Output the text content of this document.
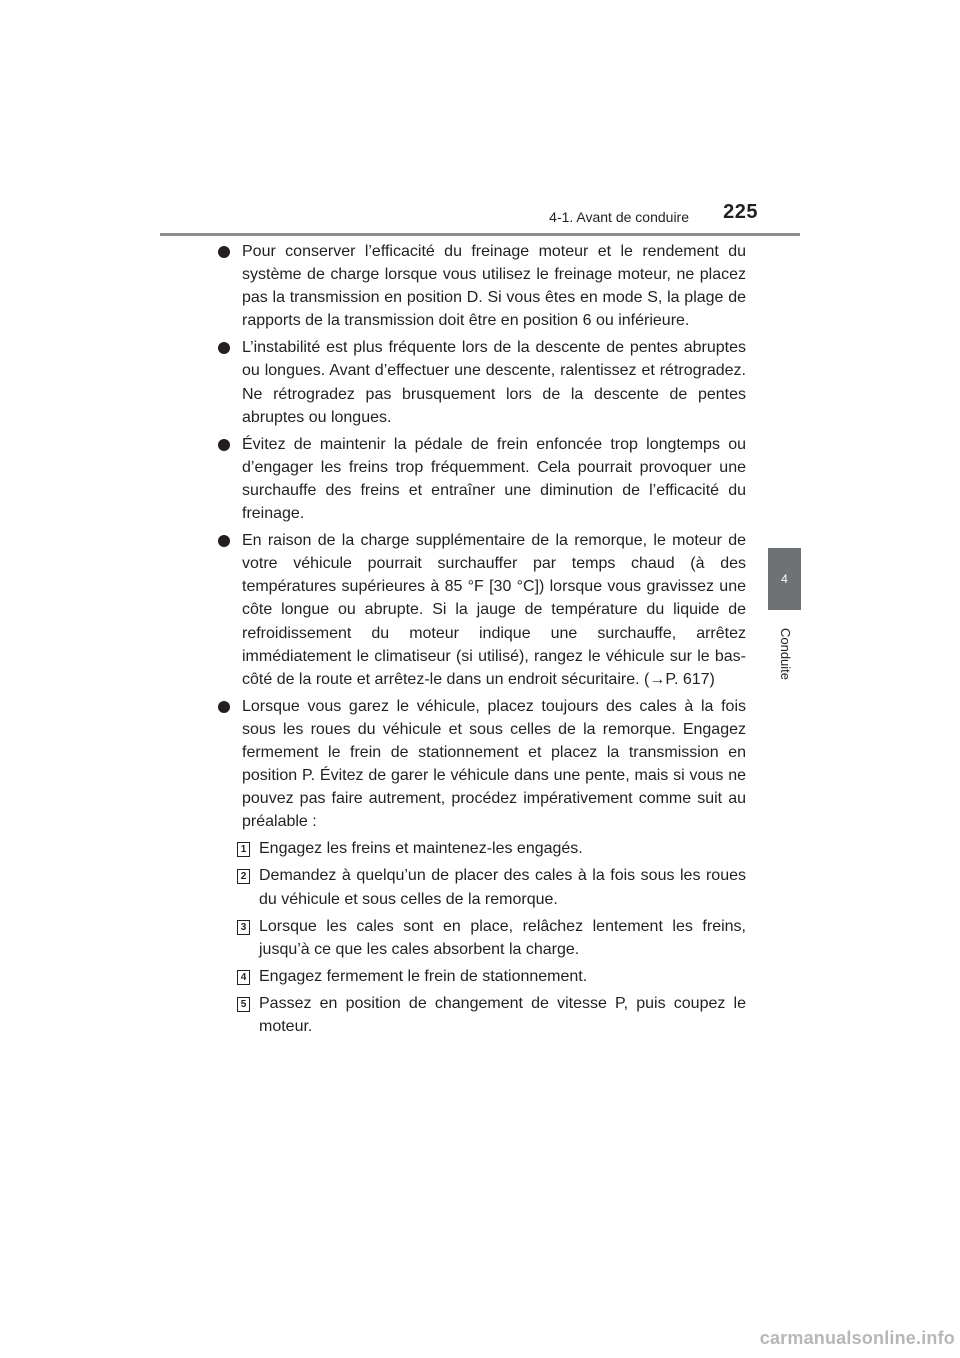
4-1. Avant de conduire	225
4
Conduite
Pour conserver l’efficacité du freinage moteur et le rendement du système de charge lorsque vous utilisez le freinage moteur, ne placez pas la transmission en position D. Si vous êtes en mode S, la plage de rapports de la transmission doit être en position 6 ou inférieure.
L’instabilité est plus fréquente lors de la descente de pentes abruptes ou longues. Avant d’effectuer une descente, ralentissez et rétrogradez. Ne rétrogradez pas brusquement lors de la descente de pentes abruptes ou longues.
Évitez de maintenir la pédale de frein enfoncée trop longtemps ou d’engager les freins trop fréquemment. Cela pourrait provoquer une surchauffe des freins et entraîner une diminution de l’efficacité du freinage.
En raison de la charge supplémentaire de la remorque, le moteur de votre véhicule pourrait surchauffer par temps chaud (à des températures supérieures à 85 °F [30 °C]) lorsque vous gravissez une côte longue ou abrupte. Si la jauge de température du liquide de refroidissement du moteur indique une surchauffe, arrêtez immédiatement le climatiseur (si utilisé), rangez le véhicule sur le bas-côté de la route et arrêtez-le dans un endroit sécuritaire. (→P. 617)
Lorsque vous garez le véhicule, placez toujours des cales à la fois sous les roues du véhicule et sous celles de la remorque. Engagez fermement le frein de stationnement et placez la transmission en position P. Évitez de garer le véhicule dans une pente, mais si vous ne pouvez pas faire autrement, procédez impérativement comme suit au préalable :
1 Engagez les freins et maintenez-les engagés.
2 Demandez à quelqu’un de placer des cales à la fois sous les roues du véhicule et sous celles de la remorque.
3 Lorsque les cales sont en place, relâchez lentement les freins, jusqu’à ce que les cales absorbent la charge.
4 Engagez fermement le frein de stationnement.
5 Passez en position de changement de vitesse P, puis coupez le moteur.
carmanualsonline.info
